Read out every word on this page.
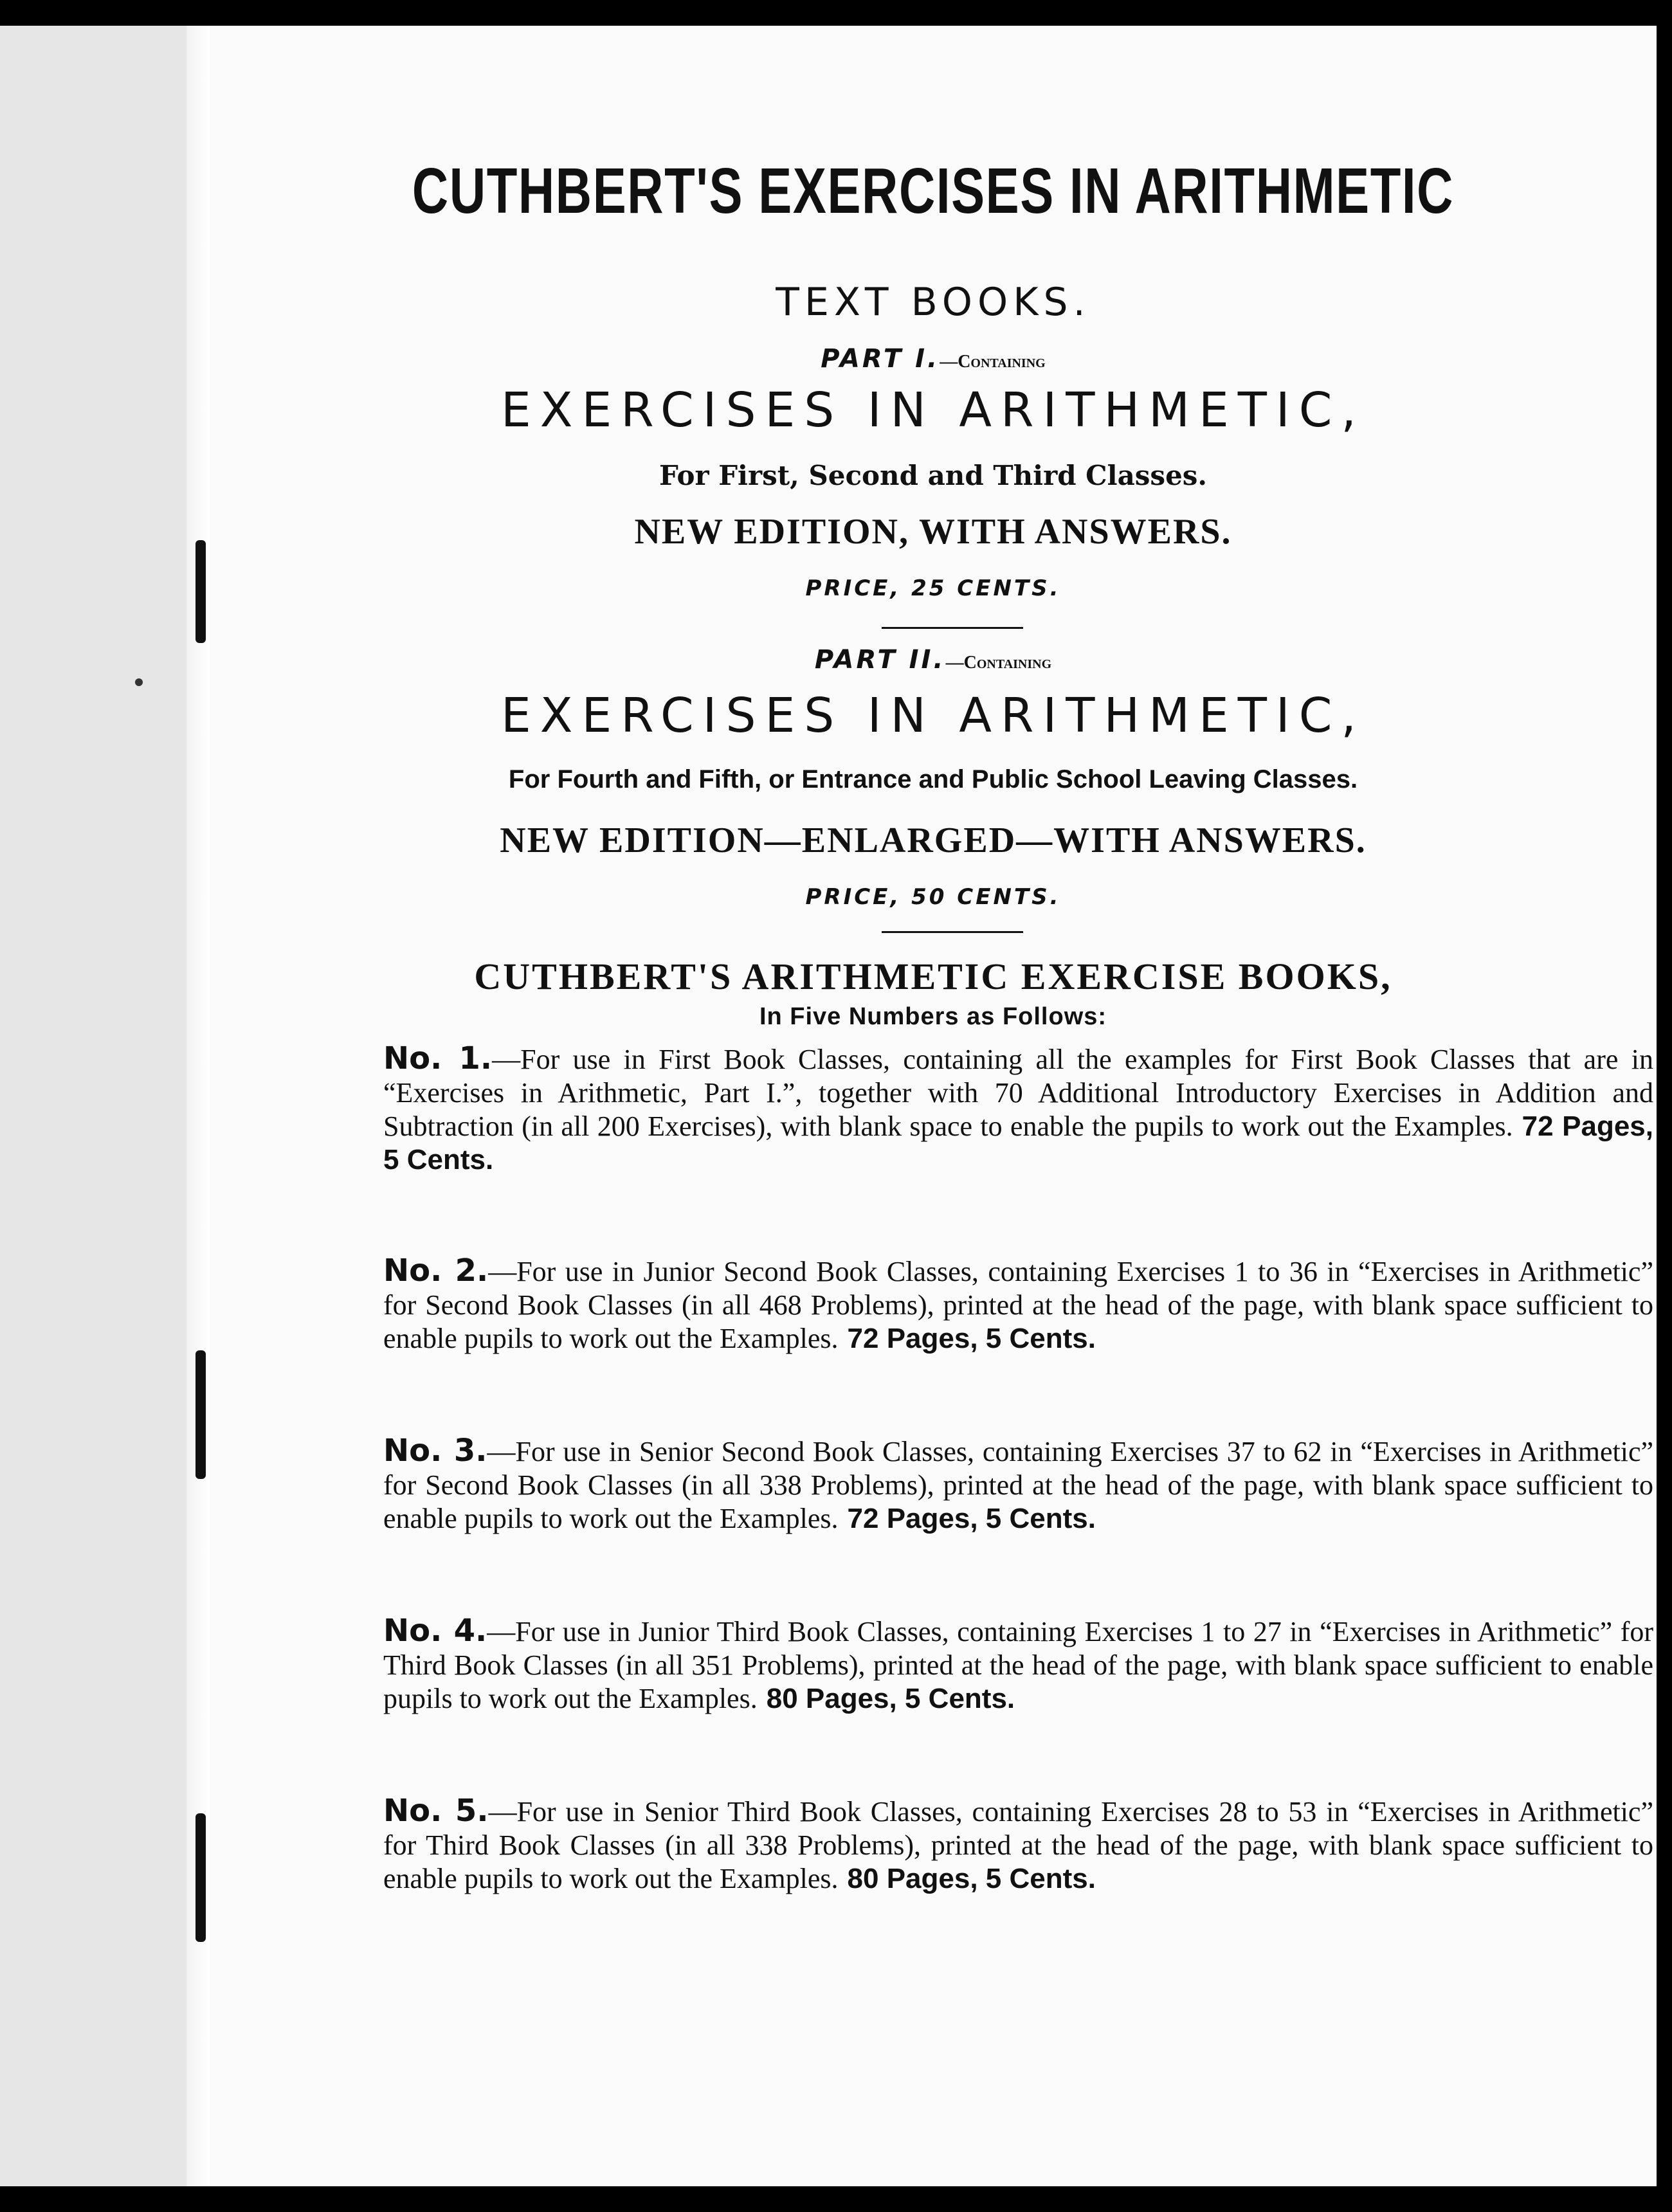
CUTHBERT'S EXERCISES IN ARITHMETIC
TEXT BOOKS.
PART I.—Containing
EXERCISES IN ARITHMETIC,
For First, Second and Third Classes.
NEW EDITION, WITH ANSWERS.
PRICE, 25 CENTS.
PART II.—Containing
EXERCISES IN ARITHMETIC,
For Fourth and Fifth, or Entrance and Public School Leaving Classes.
NEW EDITION—ENLARGED—WITH ANSWERS.
PRICE, 50 CENTS.
CUTHBERT'S ARITHMETIC EXERCISE BOOKS,
In Five Numbers as Follows:
No. 1.—For use in First Book Classes, containing all the examples for First Book Classes that are in “Exercises in Arithmetic, Part I.”, together with 70 Additional Introductory Exercises in Addition and Subtraction (in all 200 Exercises), with blank space to enable the pupils to work out the Examples. 72 Pages, 5 Cents.
No. 2.—For use in Junior Second Book Classes, containing Exercises 1 to 36 in “Exercises in Arithmetic” for Second Book Classes (in all 468 Problems), printed at the head of the page, with blank space sufficient to enable pupils to work out the Examples. 72 Pages, 5 Cents.
No. 3.—For use in Senior Second Book Classes, containing Exercises 37 to 62 in “Exercises in Arithmetic” for Second Book Classes (in all 338 Problems), printed at the head of the page, with blank space sufficient to enable pupils to work out the Examples. 72 Pages, 5 Cents.
No. 4.—For use in Junior Third Book Classes, containing Exercises 1 to 27 in “Exercises in Arithmetic” for Third Book Classes (in all 351 Problems), printed at the head of the page, with blank space sufficient to enable pupils to work out the Examples. 80 Pages, 5 Cents.
No. 5.—For use in Senior Third Book Classes, containing Exercises 28 to 53 in “Exercises in Arithmetic” for Third Book Classes (in all 338 Problems), printed at the head of the page, with blank space sufficient to enable pupils to work out the Examples. 80 Pages, 5 Cents.
